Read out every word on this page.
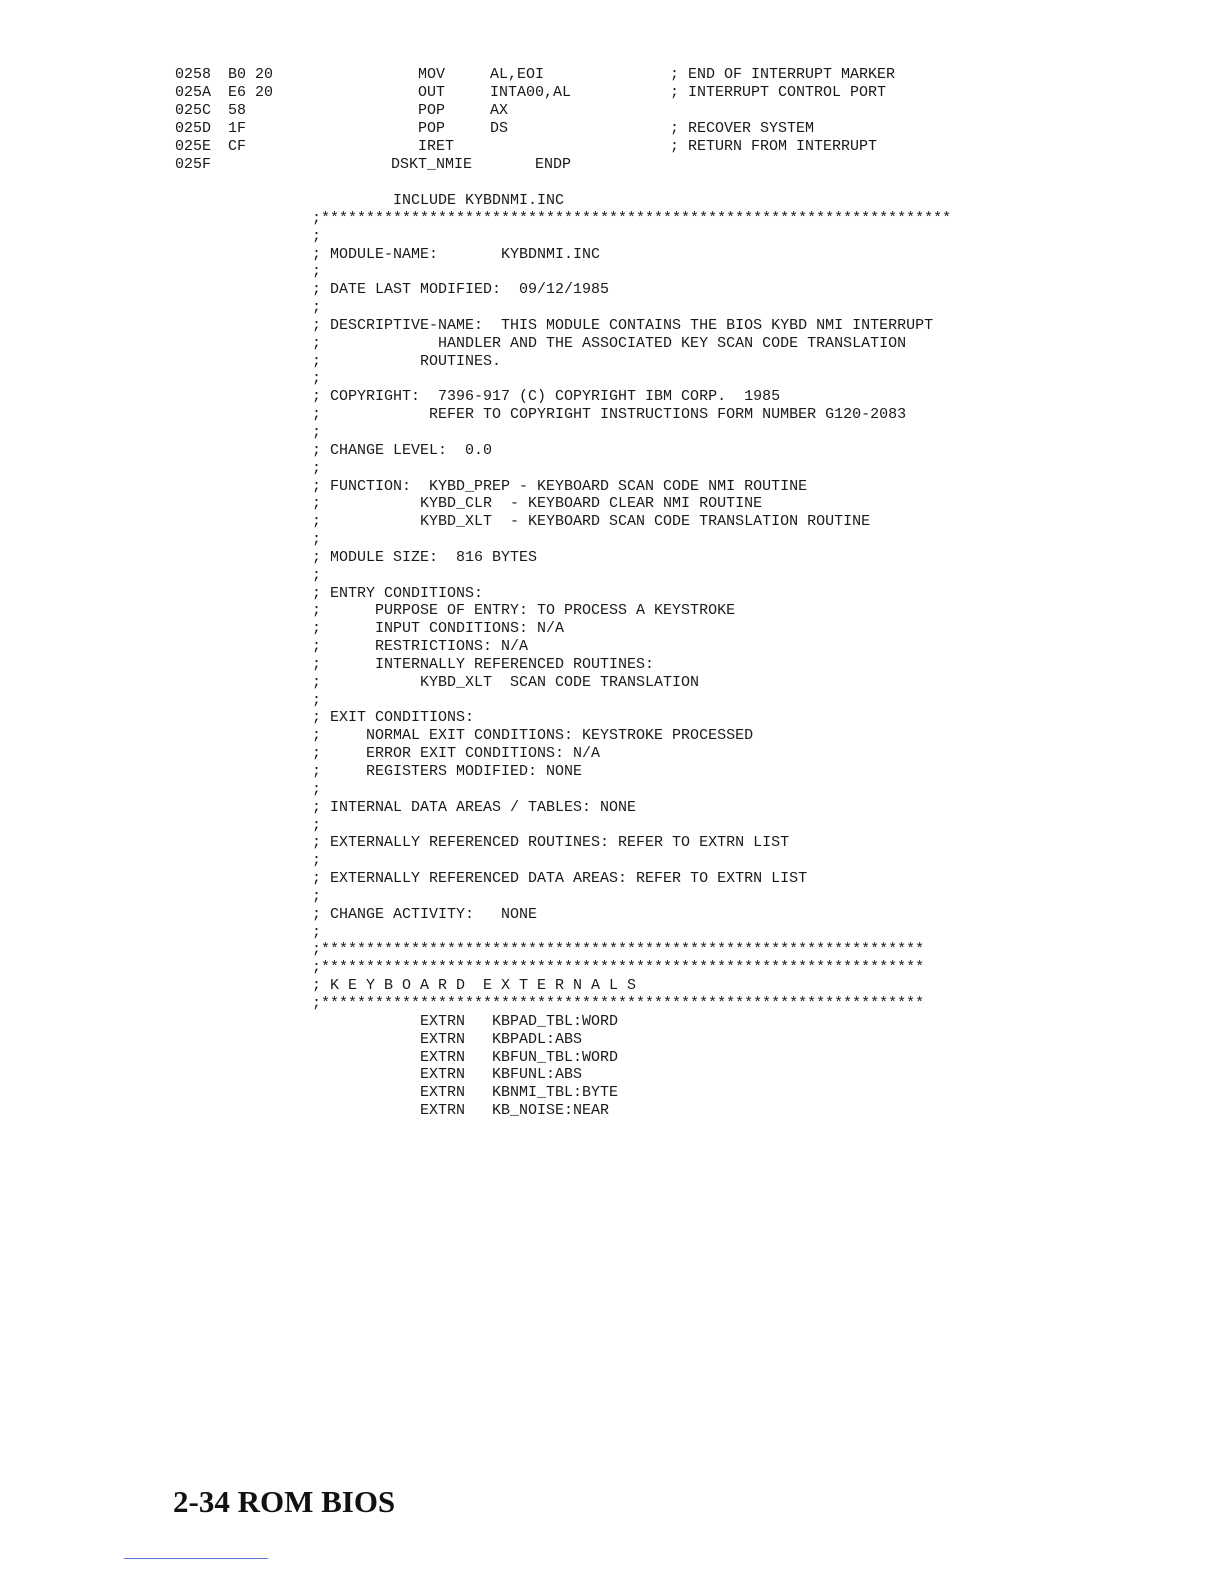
0258 B0 20	MOV	AL,EOI	; END OF INTERRUPT MARKER
025A E6 20	OUT	INTA00,AL	; INTERRUPT CONTROL PORT
025C 58	POP	AX
025D 1F	POP	DS	; RECOVER SYSTEM
025E CF	IRET	; RETURN FROM INTERRUPT
025F	DSKT_NMIE	ENDP
INCLUDE KYBDNMI.INC
;**********************************************************************
;
; MODULE-NAME:       KYBDNMI.INC
;
; DATE LAST MODIFIED:  09/12/1985
;
; DESCRIPTIVE-NAME:  THIS MODULE CONTAINS THE BIOS KYBD NMI INTERRUPT
;             HANDLER AND THE ASSOCIATED KEY SCAN CODE TRANSLATION
;           ROUTINES.
;
; COPYRIGHT:  7396-917 (C) COPYRIGHT IBM CORP.  1985
;            REFER TO COPYRIGHT INSTRUCTIONS FORM NUMBER G120-2083
;
; CHANGE LEVEL:  0.0
;
; FUNCTION:  KYBD_PREP - KEYBOARD SCAN CODE NMI ROUTINE
;           KYBD_CLR  - KEYBOARD CLEAR NMI ROUTINE
;           KYBD_XLT  - KEYBOARD SCAN CODE TRANSLATION ROUTINE
;
; MODULE SIZE:  816 BYTES
;
; ENTRY CONDITIONS:
;      PURPOSE OF ENTRY: TO PROCESS A KEYSTROKE
;      INPUT CONDITIONS: N/A
;      RESTRICTIONS: N/A
;      INTERNALLY REFERENCED ROUTINES:
;           KYBD_XLT  SCAN CODE TRANSLATION
;
; EXIT CONDITIONS:
;     NORMAL EXIT CONDITIONS: KEYSTROKE PROCESSED
;     ERROR EXIT CONDITIONS: N/A
;     REGISTERS MODIFIED: NONE
;
; INTERNAL DATA AREAS / TABLES: NONE
;
; EXTERNALLY REFERENCED ROUTINES: REFER TO EXTRN LIST
;
; EXTERNALLY REFERENCED DATA AREAS: REFER TO EXTRN LIST
;
; CHANGE ACTIVITY:   NONE
;
;*******************************************************************
;*******************************************************************
; K E Y B O A R D  E X T E R N A L S
;*******************************************************************
EXTRN   KBPAD_TBL:WORD
EXTRN   KBPADL:ABS
EXTRN   KBFUN_TBL:WORD
EXTRN   KBFUNL:ABS
EXTRN   KBNMI_TBL:BYTE
EXTRN   KB_NOISE:NEAR
2-34 ROM BIOS
